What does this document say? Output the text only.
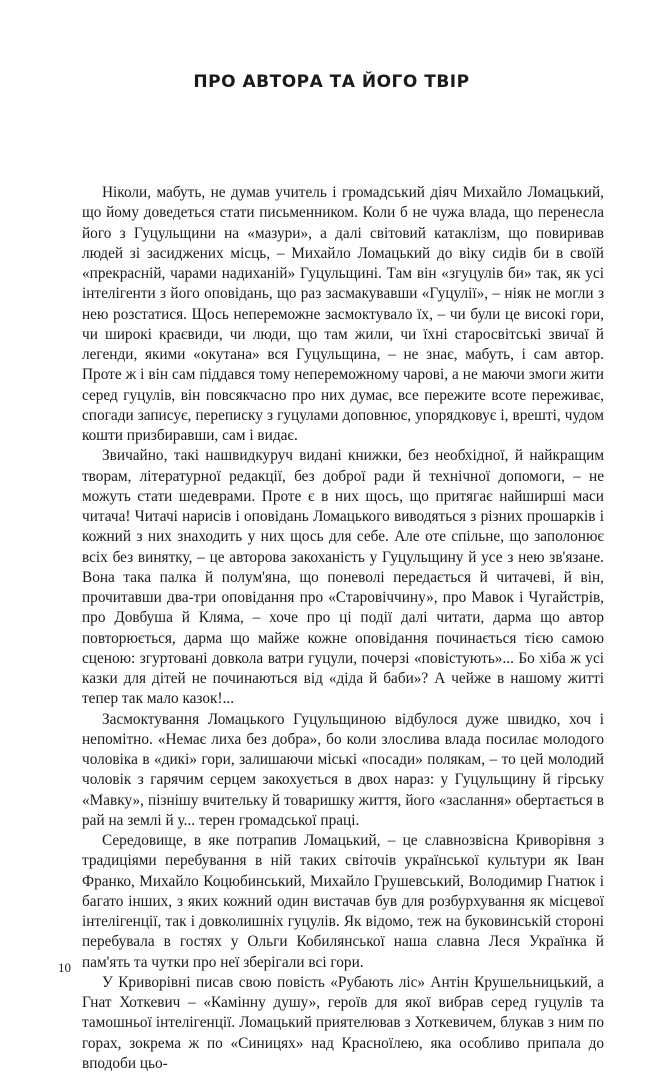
ПРО АВТОРА ТА ЙОГО ТВІР

Ніколи, мабуть, не думав учитель і громадський діяч Михайло Ломацький, що йому доведеться стати письменником. Коли б не чужа влада, що перенесла його з Гуцульщини на «мазури», а далі світовий катаклізм, що повиривав людей зі засиджених місць, – Михайло Ломацький до віку сидів би в своїй «прекрасній, чарами надиханій» Гуцульщині. Там він «згуцулів би» так, як усі інтелігенти з його оповідань, що раз засмакувавши «Гуцулії», – ніяк не могли з нею розстатися. Щось непереможне засмоктувало їх, – чи були це високі гори, чи широкі краєвиди, чи люди, що там жили, чи їхні старосвітські звичаї й легенди, якими «окутана» вся Гуцульщина, – не знає, мабуть, і сам автор. Проте ж і він сам піддався тому непереможному чарові, а не маючи змоги жити серед гуцулів, він повсякчасно про них думає, все пережите всоте переживає, спогади записує, переписку з гуцулами доповнює, упорядковує і, врешті, чудом кошти призбиравши, сам і видає.

Звичайно, такі нашвидкуруч видані книжки, без необхідної, й найкращим творам, літературної редакції, без доброї ради й технічної допомоги, – не можуть стати шедеврами. Проте є в них щось, що притягає найширші маси читача! Читачі нарисів і оповідань Ломацького виводяться з різних прошарків і кожний з них знаходить у них щось для себе. Але оте спільне, що заполонює всіх без винятку, – це авторова закоханість у Гуцульщину й усе з нею зв'язане. Вона така палка й полум'яна, що поневолі передається й читачеві, й він, прочитавши два-три оповідання про «Старовіччину», про Мавок і Чугайстрів, про Довбуша й Кляма, – хоче про ці події далі читати, дарма що автор повторюється, дарма що майже кожне оповідання починається тією самою сценою: згуртовані довкола ватри гуцули, почерзі «повістують»... Бо хіба ж усі казки для дітей не починаються від «діда й баби»? А чейже в нашому житті тепер так мало казок!...

Засмоктування Ломацького Гуцульщиною відбулося дуже швидко, хоч і непомітно. «Немає лиха без добра», бо коли злослива влада посилає молодого чоловіка в «дикі» гори, залишаючи міські «посади» полякам, – то цей молодий чоловік з гарячим серцем закохується в двох нараз: у Гуцульщину й гірську «Мавку», пізнішу вчительку й товаришку життя, його «заслання» обертається в рай на землі й у... терен громадської праці.

Середовище, в яке потрапив Ломацький, – це славнозвісна Криворівня з традиціями перебування в ній таких світочів української культури як Іван Франко, Михайло Коцюбинський, Михайло Грушевський, Володимир Гнатюк і багато інших, з яких кожний один вистачав був для розбурхування як місцевої інтелігенції, так і довколишніх гуцулів. Як відомо, теж на буковинській стороні перебувала в гостях у Ольги Кобилянської наша славна Леся Українка й пам'ять та чутки про неї зберігали всі гори.

У Криворівні писав свою повість «Рубають ліс» Антін Крушельницький, а Гнат Хоткевич – «Камінну душу», героїв для якої вибрав серед гуцулів та тамошньої інтелігенції. Ломацький приятелював з Хоткевичем, блукав з ним по горах, зокрема ж по «Синицях» над Красноїлею, яка особливо припала до вподоби цьо-

10
